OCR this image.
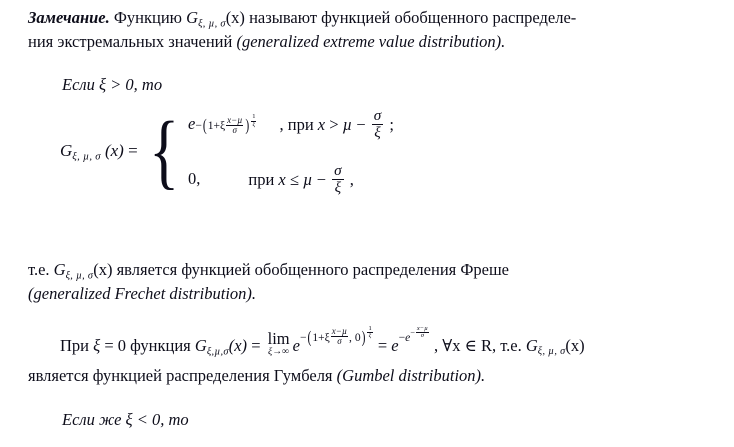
Замечание. Функцию $G_{\xi, \mu, \sigma}(x)$ называют функцией обобщенного распределе-
ния экстремальных значений (generalized extreme value distribution).
Если ξ > 0, то
$G_{\xi, \mu, \sigma}$ (x) = { $e -(1+\xi \frac{\text{x−µ}}{\sigma}$ ) $^{\frac{1}{\xi}}$ , при $x > \mu - \frac{\sigma}{\xi}$ ;
0,	при $x \le \mu - \frac{\sigma}{\xi}$ ,
т.е. $G_{\xi, \mu, \sigma}(x)$ является функцией обобщенного распределения Фреше
(generalized Frechet distribution).
При ξ = 0 функция $G_{\xi,\mu,\sigma}(x) = \lim$
ξ→∞ $e^{-(1+\xi \frac{\text{x−µ}}{\sigma} , 0) ^{\frac{1}{\xi}}}$
= $e^{-e^{- \frac{\text{x−µ}}{\sigma}}}$
, ∀x ∈ R, т.е. $G_{\xi, \mu, \sigma}(x)$
является функцией распределения Гумбеля (Gumbel distribution).
Если же ξ < 0, то
